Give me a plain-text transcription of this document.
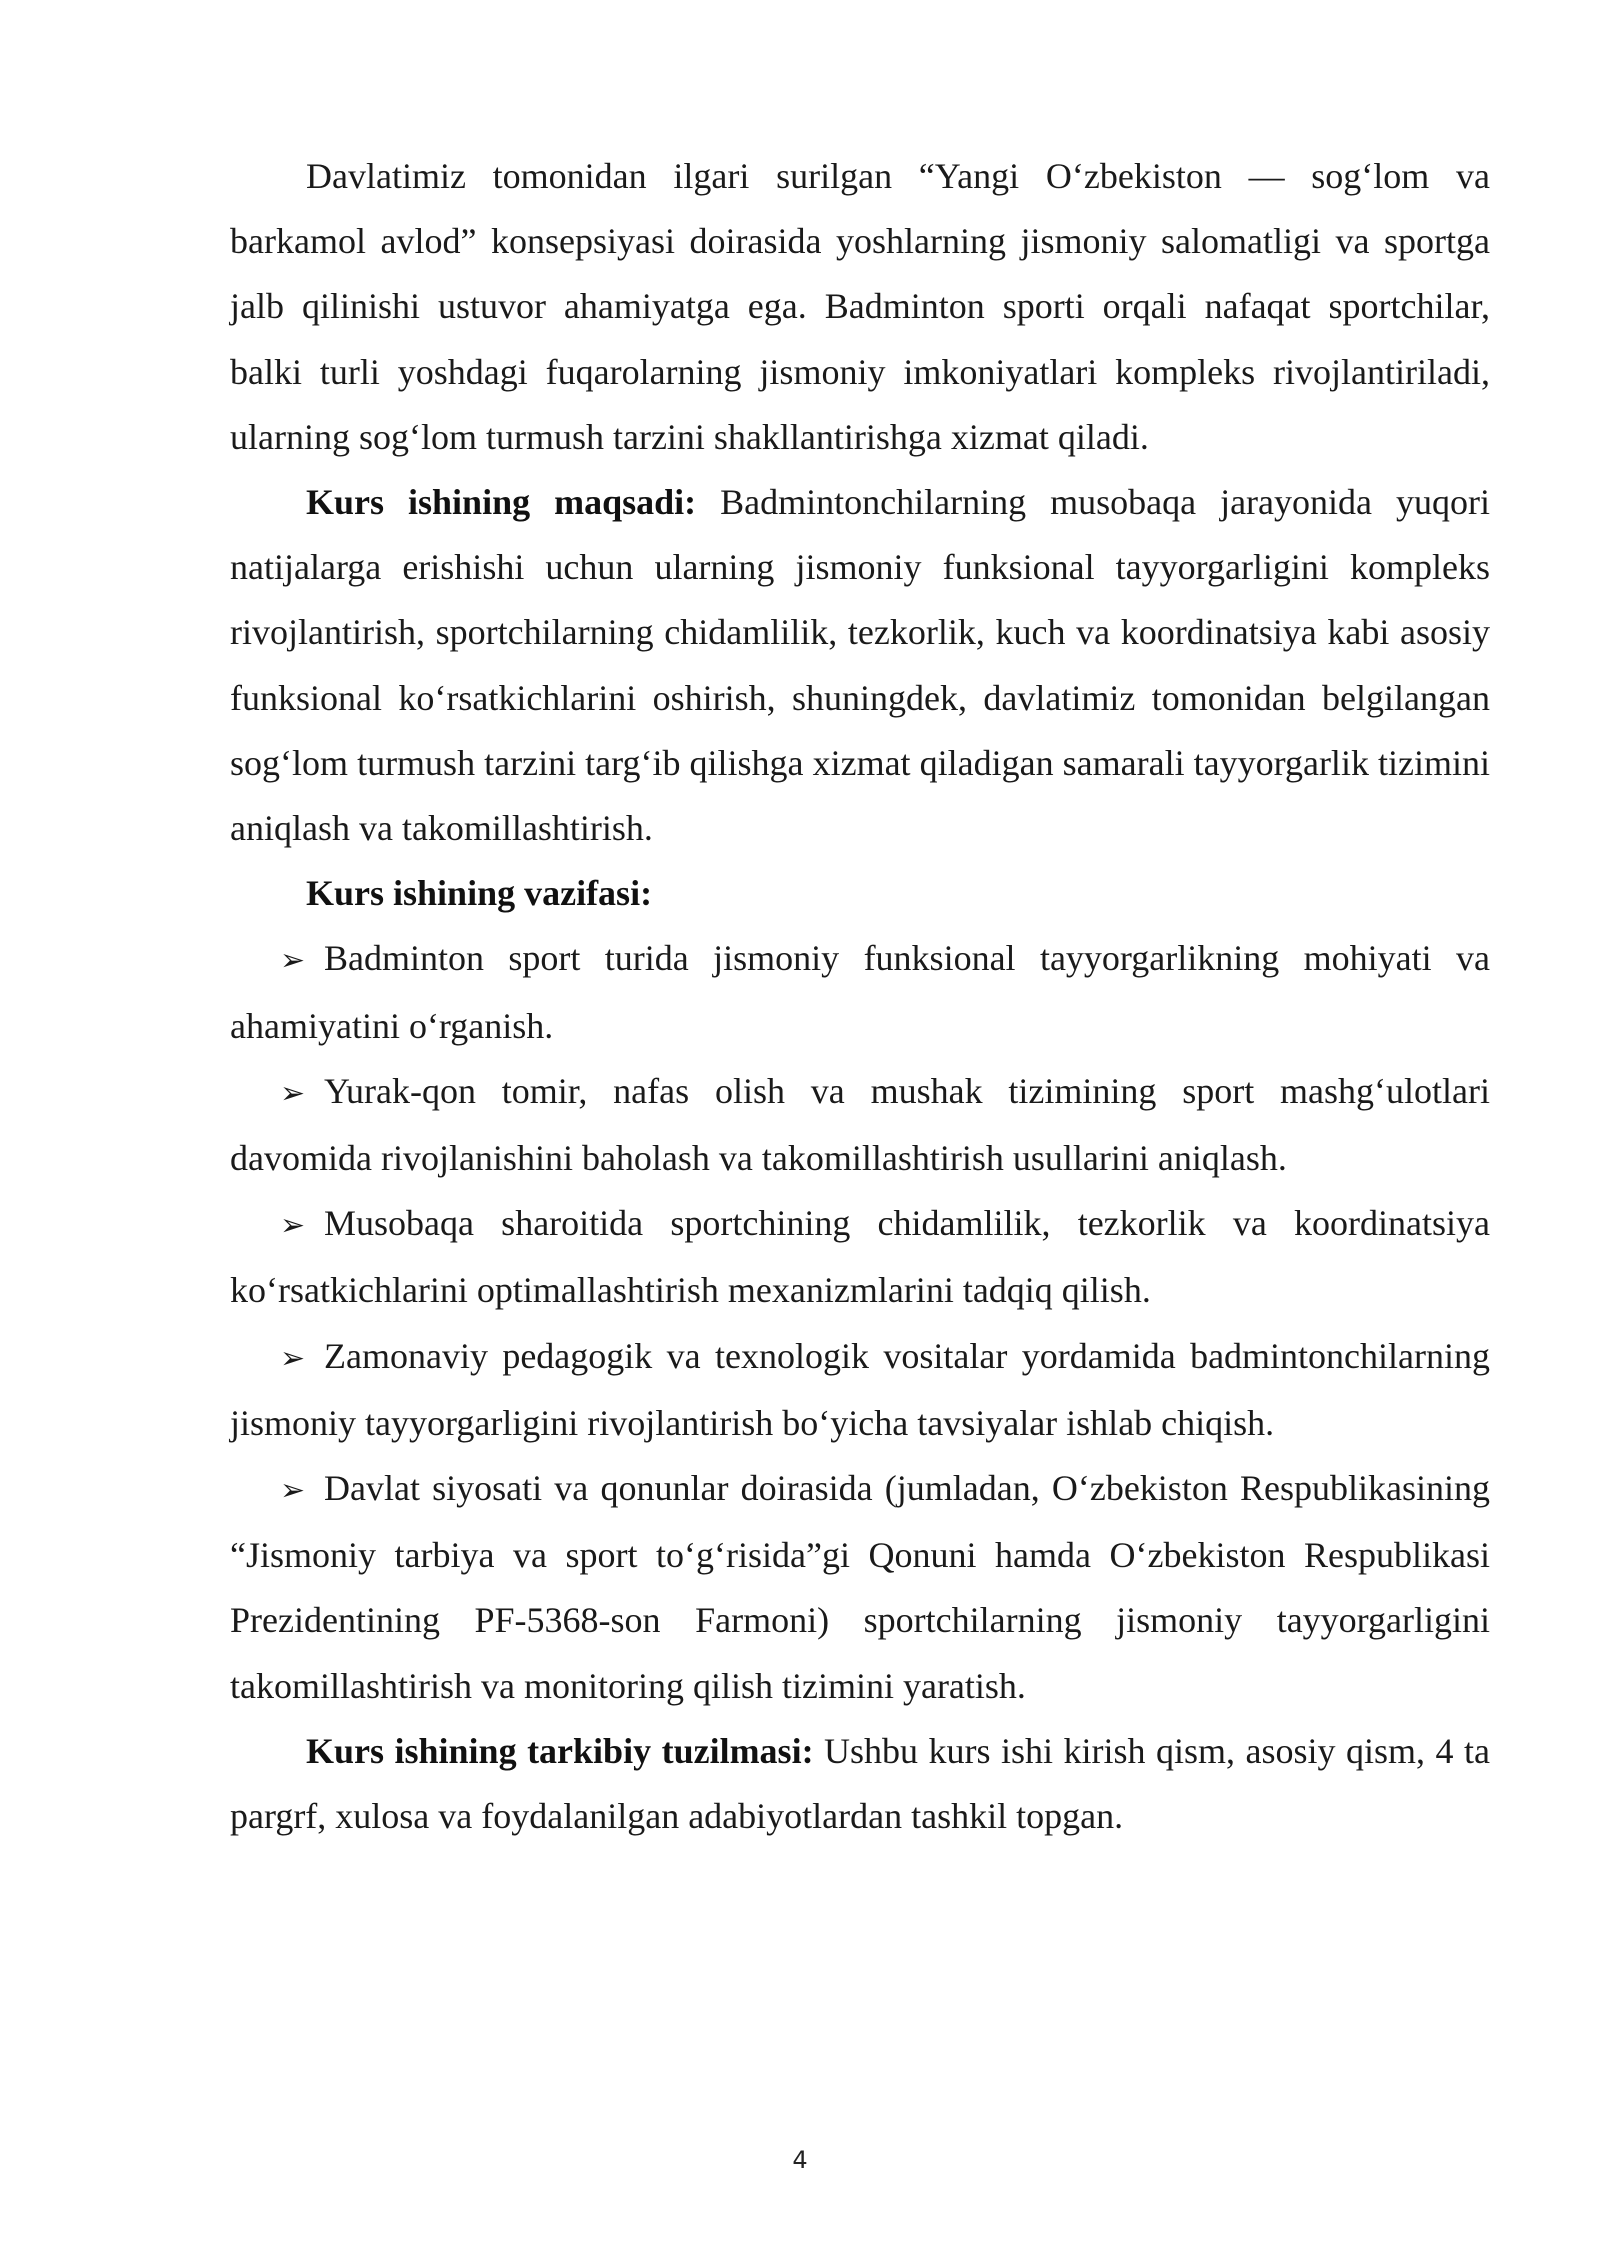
Davlatimiz tomonidan ilgari surilgan “Yangi O‘zbekiston — sog‘lom va barkamol avlod” konsepsiyasi doirasida yoshlarning jismoniy salomatligi va sportga jalb qilinishi ustuvor ahamiyatga ega. Badminton sporti orqali nafaqat sportchilar, balki turli yoshdagi fuqarolarning jismoniy imkoniyatlari kompleks rivojlantiriladi, ularning sog‘lom turmush tarzini shakllantirishga xizmat qiladi.

Kurs ishining maqsadi: Badmintonchilarning musobaqa jarayonida yuqori natijalarga erishishi uchun ularning jismoniy funksional tayyorgarligini kompleks rivojlantirish, sportchilarning chidamlilik, tezkorlik, kuch va koordinatsiya kabi asosiy funksional ko‘rsatkichlarini oshirish, shuningdek, davlatimiz tomonidan belgilangan sog‘lom turmush tarzini targ‘ib qilishga xizmat qiladigan samarali tayyorgarlik tizimini aniqlash va takomillashtirish.

Kurs ishining vazifasi:

➢ Badminton sport turida jismoniy funksional tayyorgarlikning mohiyati va ahamiyatini o‘rganish.

➢ Yurak-qon tomir, nafas olish va mushak tizimining sport mashg‘ulotlari davomida rivojlanishini baholash va takomillashtirish usullarini aniqlash.

➢ Musobaqa sharoitida sportchining chidamlilik, tezkorlik va koordinatsiya ko‘rsatkichlarini optimallashtirish mexanizmlarini tadqiq qilish.

➢ Zamonaviy pedagogik va texnologik vositalar yordamida badmintonchilarning jismoniy tayyorgarligini rivojlantirish bo‘yicha tavsiyalar ishlab chiqish.

➢ Davlat siyosati va qonunlar doirasida (jumladan, O‘zbekiston Respublikasining “Jismoniy tarbiya va sport to‘g‘risida”gi Qonuni hamda O‘zbekiston Respublikasi Prezidentining PF-5368-son Farmoni) sportchilarning jismoniy tayyorgarligini takomillashtirish va monitoring qilish tizimini yaratish.

Kurs ishining tarkibiy tuzilmasi: Ushbu kurs ishi kirish qism, asosiy qism, 4 ta pargrf, xulosa va foydalanilgan adabiyotlardan tashkil topgan.

4
